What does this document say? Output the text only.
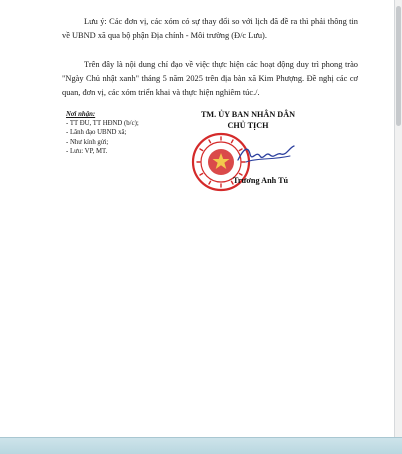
Lưu ý: Các đơn vị, các xóm có sự thay đổi so với lịch đã đề ra thì phải thông tin về UBND xã qua bộ phận Địa chính - Môi trường (Đ/c Lưu).

Trên đây là nội dung chỉ đạo về việc thực hiện các hoạt động duy trì phong trào "Ngày Chủ nhật xanh" tháng 5 năm 2025 trên địa bàn xã Kim Phượng. Đề nghị các cơ quan, đơn vị, các xóm triển khai và thực hiện nghiêm túc./.

Nơi nhận:
- TT ĐU, TT HĐND (b/c);
- Lãnh đạo UBND xã;
- Như kính gửi;
- Lưu: VP, MT.
TM. ỦY BAN NHÂN DÂN
CHỦ TỊCH
Trương Anh Tú
